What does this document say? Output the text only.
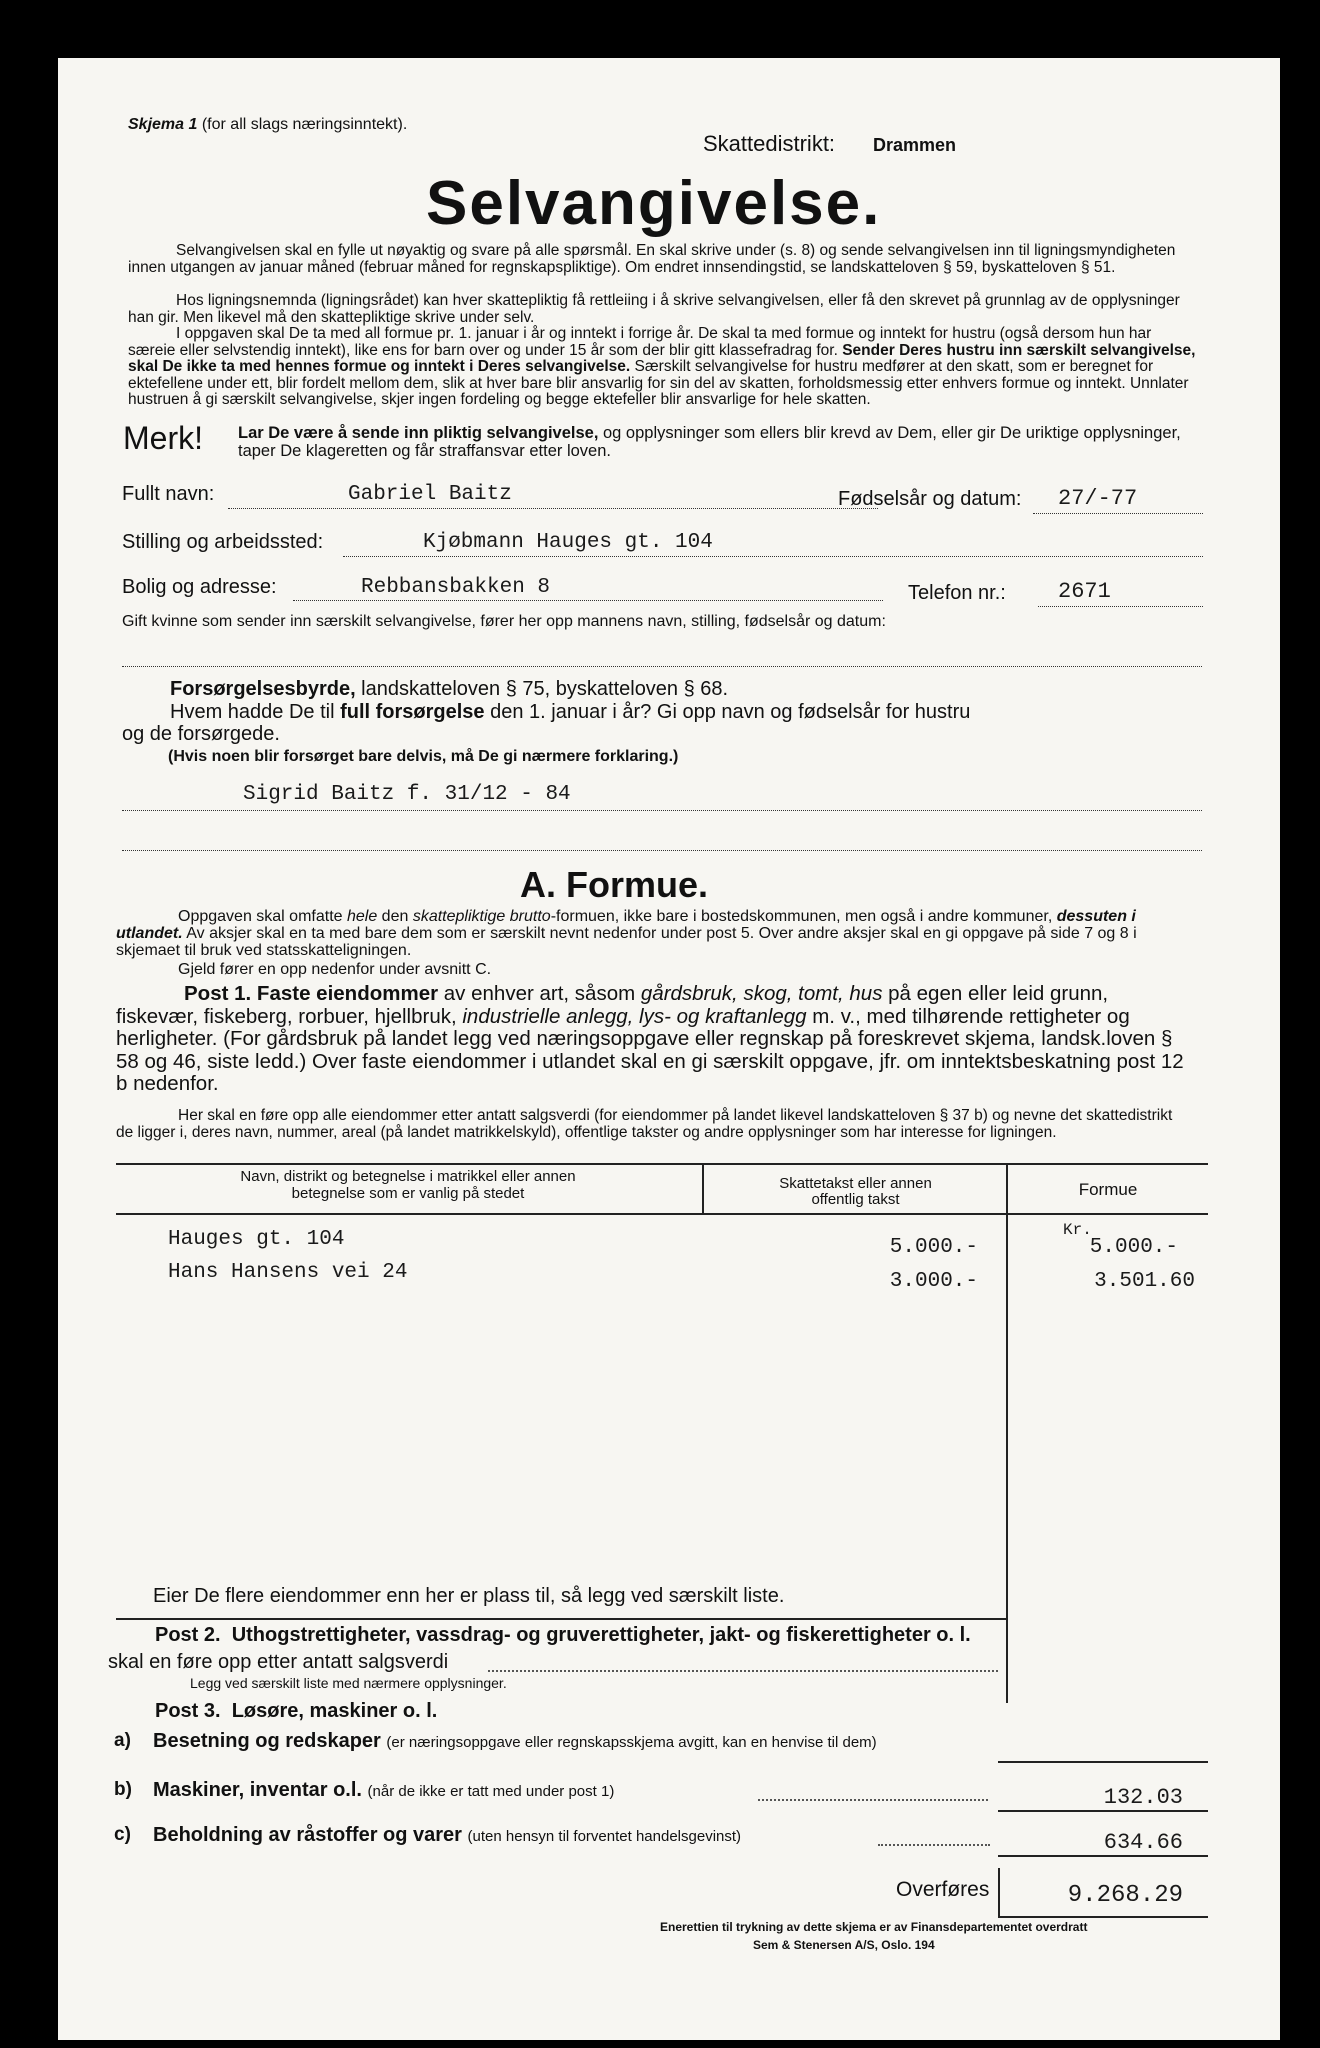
Skjema 1 (for all slags næringsinntekt).
Skattedistrikt: Drammen
Selvangivelse.
Selvangivelsen skal en fylle ut nøyaktig og svare på alle spørsmål. En skal skrive under (s. 8) og sende selvangivelsen inn til ligningsmyndigheten innen utgangen av januar måned (februar måned for regnskapspliktige). Om endret innsendingstid, se landskatteloven § 59, byskatteloven § 51.
Hos ligningsnemnda (ligningsrådet) kan hver skattepliktig få rettleiing i å skrive selvangivelsen, eller få den skrevet på grunnlag av de opplysninger han gir. Men likevel må den skattepliktige skrive under selv.
I oppgaven skal De ta med all formue pr. 1. januar i år og inntekt i forrige år. De skal ta med formue og inntekt for hustru (også dersom hun har særeie eller selvstendig inntekt), like ens for barn over og under 15 år som der blir gitt klassefradrag for. Sender Deres hustru inn særskilt selvangivelse, skal De ikke ta med hennes formue og inntekt i Deres selvangivelse. Særskilt selvangivelse for hustru medfører at den skatt, som er beregnet for ektefellene under ett, blir fordelt mellom dem, slik at hver bare blir ansvarlig for sin del av skatten, forholdsmessig etter enhvers formue og inntekt. Unnlater hustruen å gi særskilt selvangivelse, skjer ingen fordeling og begge ektefeller blir ansvarlige for hele skatten.
Merk! Lar De være å sende inn pliktig selvangivelse, og opplysninger som ellers blir krevd av Dem, eller gir De uriktige opplysninger, taper De klageretten og får straffansvar etter loven.
Fullt navn:	Gabriel Baitz	Fødselsår og datum: 27/-77
Stilling og arbeidssted:	Kjøbmann Hauges gt. 104
Bolig og adresse:	Rebbansbakken 8	Telefon nr.: 2671
Gift kvinne som sender inn særskilt selvangivelse, fører her opp mannens navn, stilling, fødselsår og datum:
Forsørgelsesbyrde, landskatteloven § 75, byskatteloven § 68.
Hvem hadde De til full forsørgelse den 1. januar i år? Gi opp navn og fødselsår for hustru
og de forsørgede.
(Hvis noen blir forsørget bare delvis, må De gi nærmere forklaring.)
Sigrid Baitz f. 31/12 - 84
A. Formue.
Oppgaven skal omfatte hele den skattepliktige brutto-formuen, ikke bare i bostedskommunen, men også i andre kommuner, dessuten i utlandet. Av aksjer skal en ta med bare dem som er særskilt nevnt nedenfor under post 5. Over andre aksjer skal en gi oppgave på side 7 og 8 i skjemaet til bruk ved statsskatteligningen.
Gjeld fører en opp nedenfor under avsnitt C.
Post 1. Faste eiendommer av enhver art, såsom gårdsbruk, skog, tomt, hus på egen eller leid grunn, fiskevær, fiskeberg, rorbuer, hjellbruk, industrielle anlegg, lys- og kraftanlegg m. v., med tilhørende rettigheter og herligheter. (For gårdsbruk på landet legg ved næringsoppgave eller regnskap på foreskrevet skjema, landsk.loven § 58 og 46, siste ledd.) Over faste eiendommer i utlandet skal en gi særskilt oppgave, jfr. om inntektsbeskatning post 12 b nedenfor.
Her skal en føre opp alle eiendommer etter antatt salgsverdi (for eiendommer på landet likevel landskatteloven § 37 b) og nevne det skattedistrikt de ligger i, deres navn, nummer, areal (på landet matrikkelskyld), offentlige takster og andre opplysninger som har interesse for ligningen.
Navn, distrikt og betegnelse i matrikkel eller annen
betegnelse som er vanlig på stedet
Skattetakst eller annen
offentlig takst
Formue
Kr.
Hauges gt. 104	5.000.-	5.000.-
Hans Hansens vei 24	3.000.-	3.501.60
Eier De flere eiendommer enn her er plass til, så legg ved særskilt liste.
Post 2. Uthogstrettigheter, vassdrag- og gruverettigheter, jakt- og fiskerettigheter o. l.
skal en føre opp etter antatt salgsverdi
Legg ved særskilt liste med nærmere opplysninger.
Post 3. Løsøre, maskiner o. l.
a) Besetning og redskaper (er næringsoppgave eller regnskapsskjema avgitt, kan en henvise til dem)
b) Maskiner, inventar o.l. (når de ikke er tatt med under post 1)	132.03
c) Beholdning av råstoffer og varer (uten hensyn til forventet handelsgevinst)	634.66
Overføres	9.268.29
Enerettien til trykning av dette skjema er av Finansdepartementet overdratt
Sem & Stenersen A/S, Oslo. 194
